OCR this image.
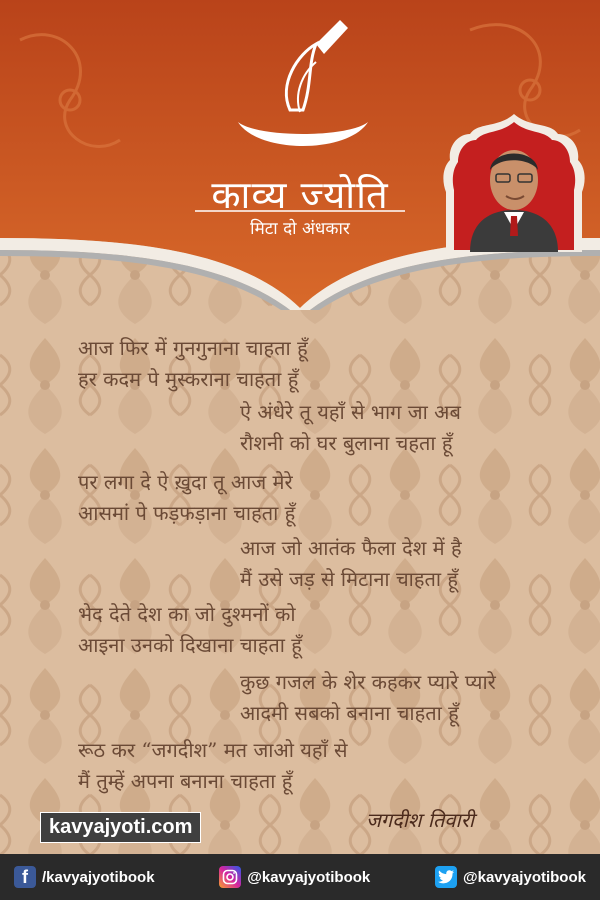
काव्य ज्योति
मिटा दो अंधकार
आज फिर में गुनगुनाना चाहता हूँ
हर कदम पे मुस्कराना चाहता हूँ
ऐ अंधेरे तू यहाँ से भाग जा अब
रौशनी को घर बुलाना चहता हूँ
पर लगा दे ऐ ख़ुदा तू आज मेरे
आसमां पे फड़फड़ाना चाहता हूँ
आज जो आतंक फैला देश में है
मैं उसे जड़ से मिटाना चाहता हूँ
भेद देते देश का जो दुश्मनों को
आइना उनको दिखाना चाहता हूँ
कुछ गजल के शेर कहकर प्यारे प्यारे
आदमी सबको बनाना चाहता हूँ
रूठ कर “जगदीश” मत जाओ यहाँ से
मैं तुम्हें अपना बनाना चाहता हूँ
kavyajyoti.com	जगदीश तिवारी
f /kavyajyotibook	@kavyajyotibook	@kavyajyotibook
